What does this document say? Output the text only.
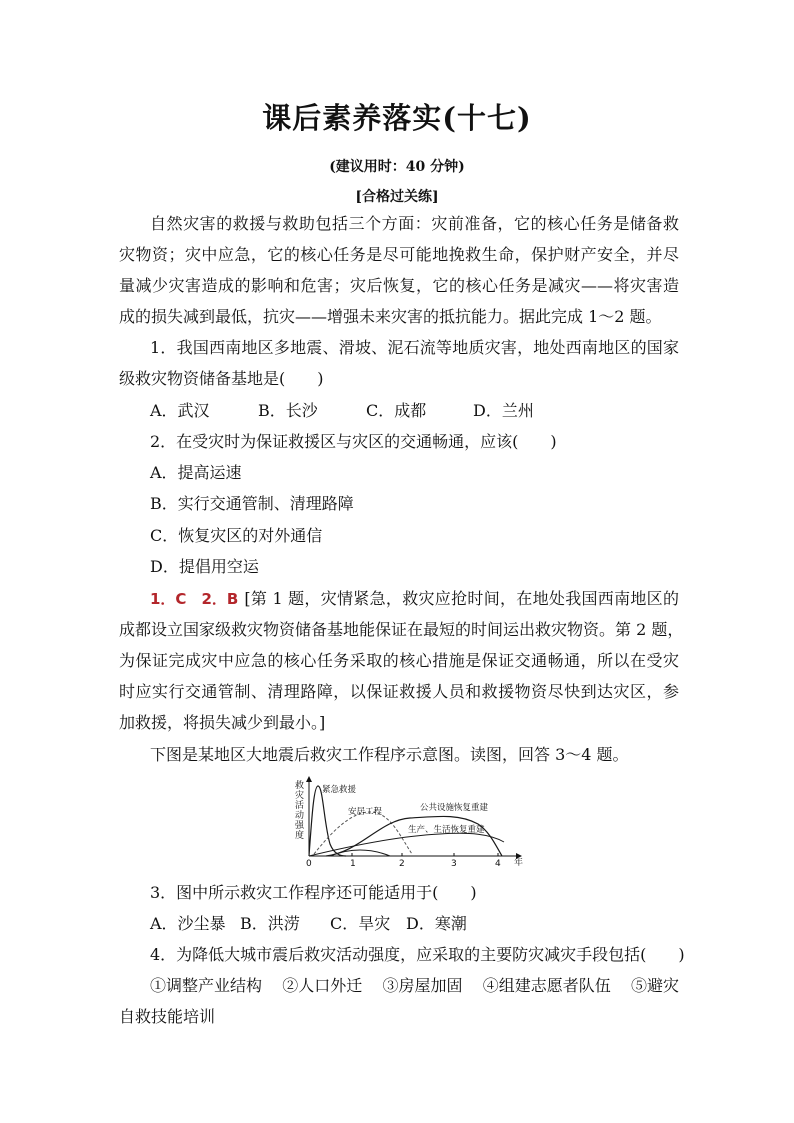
课后素养落实(十七)
(建议用时：40 分钟)
[合格过关练]
自然灾害的救援与救助包括三个方面：灾前准备，它的核心任务是储备救
灾物资；灾中应急，它的核心任务是尽可能地挽救生命，保护财产安全，并尽
量减少灾害造成的影响和危害；灾后恢复，它的核心任务是减灾——将灾害造
成的损失减到最低，抗灾——增强未来灾害的抵抗能力。据此完成 1～2 题。
1．我国西南地区多地震、滑坡、泥石流等地质灾害，地处西南地区的国家
级救灾物资储备基地是(　　)
A．武汉	B．长沙	C．成都	D．兰州
2．在受灾时为保证救援区与灾区的交通畅通，应该(　　)
A．提高运速
B．实行交通管制、清理路障
C．恢复灾区的对外通信
D．提倡用空运
1．C　2．B [第 1 题，灾情紧急，救灾应抢时间，在地处我国西南地区的
成都设立国家级救灾物资储备基地能保证在最短的时间运出救灾物资。第 2 题，
为保证完成灾中应急的核心任务采取的核心措施是保证交通畅通，所以在受灾
时应实行交通管制、清理路障，以保证救援人员和救援物资尽快到达灾区，参
加救援，将损失减少到最小。]
下图是某地区大地震后救灾工作程序示意图。读图，回答 3～4 题。
救
灾
活
动
强
度
0	1	2	3	4 年
紧急救援
安居工程	公共设施恢复重建
生产、生活恢复重建
3．图中所示救灾工作程序还可能适用于(　　)
A．沙尘暴 B．洪涝 C．旱灾 D．寒潮
4．为降低大城市震后救灾活动强度，应采取的主要防灾减灾手段包括(　　)
①调整产业结构 ②人口外迁 ③房屋加固 ④组建志愿者队伍 ⑤避灾
自救技能培训
